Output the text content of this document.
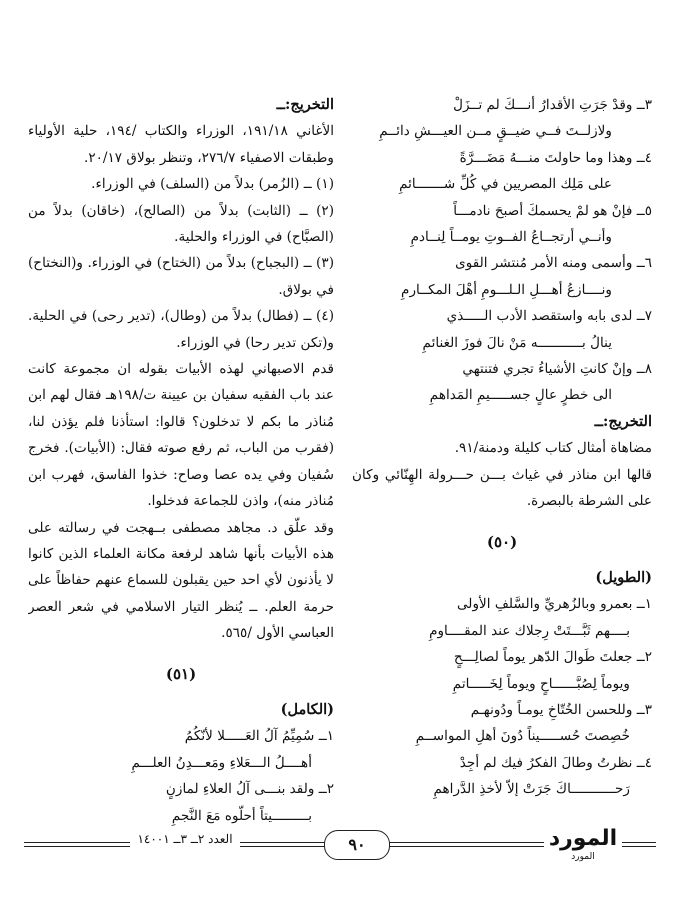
٣ــ وقدْ جَرَتِ الأقدارُ أنـــكَ لم تــزَلْ
ولازلــتَ فــي ضيــقٍ مــن العيـــشِ دائــمِ
٤ــ وهذا وما حاولتَ منـــهُ مَضَـــرَّةً
على مَلِك المصريين في كُلِّ شـــــــائمِ
٥ــ فإنْ هو لمْ يحسمكَ أصبحَ نادمـــاً
وأنــي أرتجــاعُ الفــوتِ يومــاً لِنــادمِ
٦ــ وأسمى ومنه الأمر مُنتشر القوى
ونــــازعُ أهـــلِ الـلـــومِ أهْلَ المكــارمِ
٧ــ لدى بابه واستقصد الأدب الـــــذي
ينالُ بـــــــــــه مَنْ نالَ فوزَ الغنائمِ
٨ــ وإنْ كانتِ الأشياءُ تجري فتنتهي
الى خطرٍ عالٍ جســـــيمِ المَداهمِ
التخريج:ــ
مضاهاة أمثال كتاب كليلة ودمنة/٩١.
قالها ابن مناذر في غياث بـــن حـــرولة الهِنّائي وكان على الشرطة بالبصرة.
(٥٠)
(الطويل)
١ــ بعمرو وبالزُهريِّ والسَّلفِ الأولى
بــــهم ثَبَّـــتَتْ رِجلاك عند المقــــاومِ
٢ــ جعلتَ طَوالَ الدّهر يوماً لصالِـــحٍ
ويوماً لِصُبَّــــــاحٍ ويوماً لِخَـــــاتمِ
٣ــ وللحسن الخُتّاخِ يومـاً ودُونهـم
خُصِصتَ حُســـــيناً دُونَ أهلِ المواســمِ
٤ــ نظرتُ وطالَ الفكرُ فيك لم أجِدْ
رَحـــــــــــاكَ جَرَتْ إلاّ لأخذِ الدَّراهمِ
التخريج:ــ
الأغاني ١٩١/١٨، الوزراء والكتاب /١٩٤، حلية الأولياء وطبقات الاصفياء ٢٧٦/٧، وتنظر بولاق ٢٠/١٧.
(١) ــ (الزُمر) بدلاً من (السلف) في الوزراء.
(٢) ــ (الثابت) بدلاً من (الصالح)، (خاقان) بدلاً من (الصبَّاح) في الوزراء والحلية.
(٣) ــ (البجباح) بدلاً من (الختاح) في الوزراء. و(النختاح) في بولاق.
(٤) ــ (فطال) بدلاً من (وطال)، (تدير رحى) في الحلية. و(تكن تدير رحا) في الوزراء.
قدم الاصبهاني لهذه الأبيات بقوله ان مجموعة كانت عند باب الفقيه سفيان بن عيينة ت/١٩٨هـ فقال لهم ابن مُناذر ما بكم لا تدخلون؟ قالوا: استأذنا فلم يؤذن لنا، (فقرب من الباب، ثم رفع صوته فقال: (الأبيات). فخرج سُفيان وفي يده عصا وصاح: خذوا الفاسق، فهرب ابن مُناذر منه)، واذن للجماعة فدخلوا.
وقد علّق د. مجاهد مصطفى بــهجت في رسالته على هذه الأبيات بأنها شاهد لرفعة مكانة العلماء الذين كانوا لا يأذنون لأي احد حين يقبلون للسماع عنهم حفاظاً على حرمة العلم. ــ يُنظر التيار الاسلامي في شعر العصر العباسي الأول /٥٦٥.
(٥١)
(الكامل)
١ــ سُمِيِّمُ آلُ العَـــــلا لأنّكُمُ
أهــــلُ الـــعَلاءِ ومَعـــدِنُ العلـــمِ
٢ــ ولقد بنـــى آلُ العلاءِ لمازنٍ
بـــــــــيتاً أحلّوه مَعَ النَّجمِ
العدد ٢ــ ٣ــ ١٤٠٠١	٩٠	المورد
المورد
